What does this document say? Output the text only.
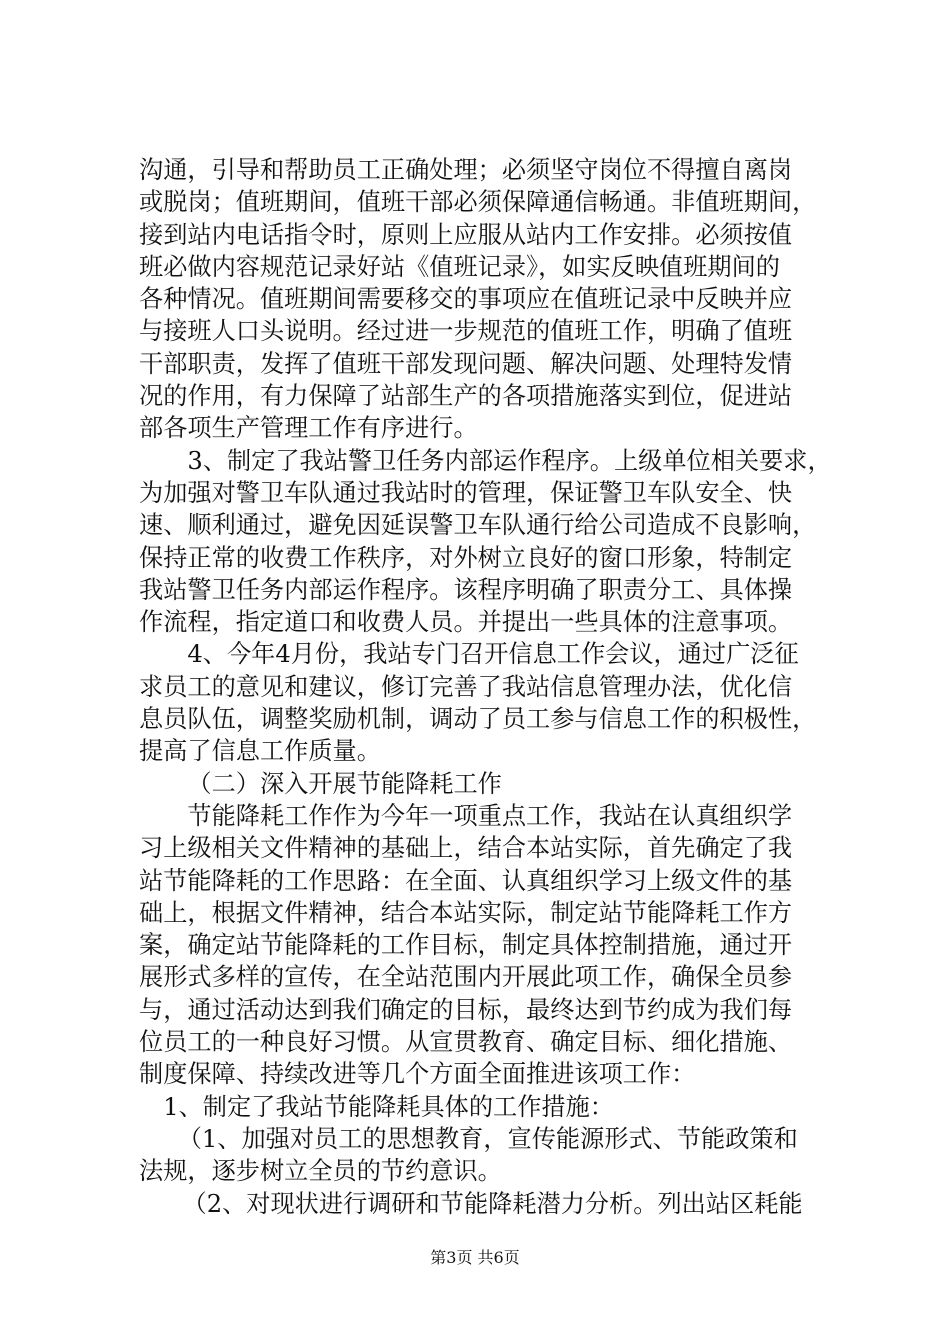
沟通，引导和帮助员工正确处理；必须坚守岗位不得擅自离岗
或脱岗；值班期间，值班干部必须保障通信畅通。非值班期间，
接到站内电话指令时，原则上应服从站内工作安排。必须按值
班必做内容规范记录好站《值班记录》，如实反映值班期间的
各种情况。值班期间需要移交的事项应在值班记录中反映并应
与接班人口头说明。经过进一步规范的值班工作，明确了值班
干部职责，发挥了值班干部发现问题、解决问题、处理特发情
况的作用，有力保障了站部生产的各项措施落实到位，促进站
部各项生产管理工作有序进行。
3、制定了我站警卫任务内部运作程序。上级单位相关要求，
为加强对警卫车队通过我站时的管理，保证警卫车队安全、快
速、顺利通过，避免因延误警卫车队通行给公司造成不良影响，
保持正常的收费工作秩序，对外树立良好的窗口形象，特制定
我站警卫任务内部运作程序。该程序明确了职责分工、具体操
作流程，指定道口和收费人员。并提出一些具体的注意事项。
4、今年4月份，我站专门召开信息工作会议，通过广泛征
求员工的意见和建议，修订完善了我站信息管理办法，优化信
息员队伍，调整奖励机制，调动了员工参与信息工作的积极性，
提高了信息工作质量。
（二）深入开展节能降耗工作
节能降耗工作作为今年一项重点工作，我站在认真组织学
习上级相关文件精神的基础上，结合本站实际，首先确定了我
站节能降耗的工作思路：在全面、认真组织学习上级文件的基
础上，根据文件精神，结合本站实际，制定站节能降耗工作方
案，确定站节能降耗的工作目标，制定具体控制措施，通过开
展形式多样的宣传，在全站范围内开展此项工作，确保全员参
与，通过活动达到我们确定的目标，最终达到节约成为我们每
位员工的一种良好习惯。从宣贯教育、确定目标、细化措施、
制度保障、持续改进等几个方面全面推进该项工作：
1、制定了我站节能降耗具体的工作措施：
（1、加强对员工的思想教育，宣传能源形式、节能政策和
法规，逐步树立全员的节约意识。
（2、对现状进行调研和节能降耗潜力分析。列出站区耗能
第3页 共6页
